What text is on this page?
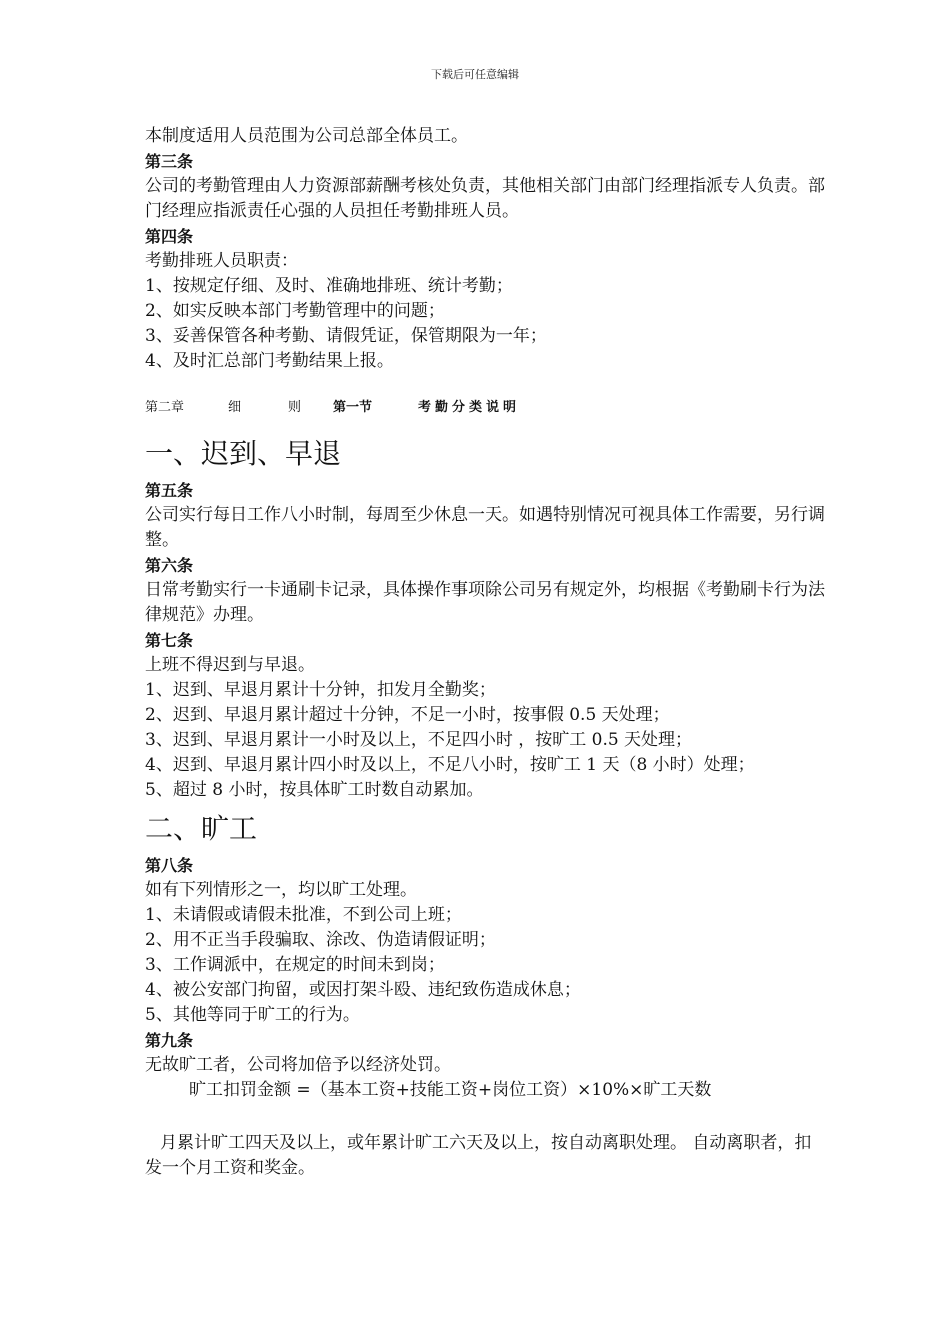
下载后可任意编辑
本制度适用人员范围为公司总部全体员工。
第三条
公司的考勤管理由人力资源部薪酬考核处负责，其他相关部门由部门经理指派专人负责。部门经理应指派责任心强的人员担任考勤排班人员。
第四条
考勤排班人员职责：
1、按规定仔细、及时、准确地排班、统计考勤；
2、如实反映本部门考勤管理中的问题；
3、妥善保管各种考勤、请假凭证，保管期限为一年；
4、及时汇总部门考勤结果上报。
第二章	细	则 第一节	考勤分类说明
一、迟到、早退
第五条
公司实行每日工作八小时制，每周至少休息一天。如遇特别情况可视具体工作需要，另行调整。
第六条
日常考勤实行一卡通刷卡记录，具体操作事项除公司另有规定外，均根据《考勤刷卡行为法律规范》办理。
第七条
上班不得迟到与早退。
1、迟到、早退月累计十分钟，扣发月全勤奖；
2、迟到、早退月累计超过十分钟，不足一小时，按事假 0.5 天处理；
3、迟到、早退月累计一小时及以上，不足四小时 ，按旷工 0.5 天处理；
4、迟到、早退月累计四小时及以上，不足八小时，按旷工 1 天（8 小时）处理；
5、超过 8 小时，按具体旷工时数自动累加。
二、旷工
第八条
如有下列情形之一，均以旷工处理。
1、未请假或请假未批准，不到公司上班；
2、用不正当手段骗取、涂改、伪造请假证明；
3、工作调派中，在规定的时间未到岗；
4、被公安部门拘留，或因打架斗殴、违纪致伤造成休息；
5、其他等同于旷工的行为。
第九条
无故旷工者，公司将加倍予以经济处罚。
旷工扣罚金额 =（基本工资+技能工资+岗位工资）×10%×旷工天数
月累计旷工四天及以上，或年累计旷工六天及以上，按自动离职处理。 自动离职者，扣发一个月工资和奖金。
